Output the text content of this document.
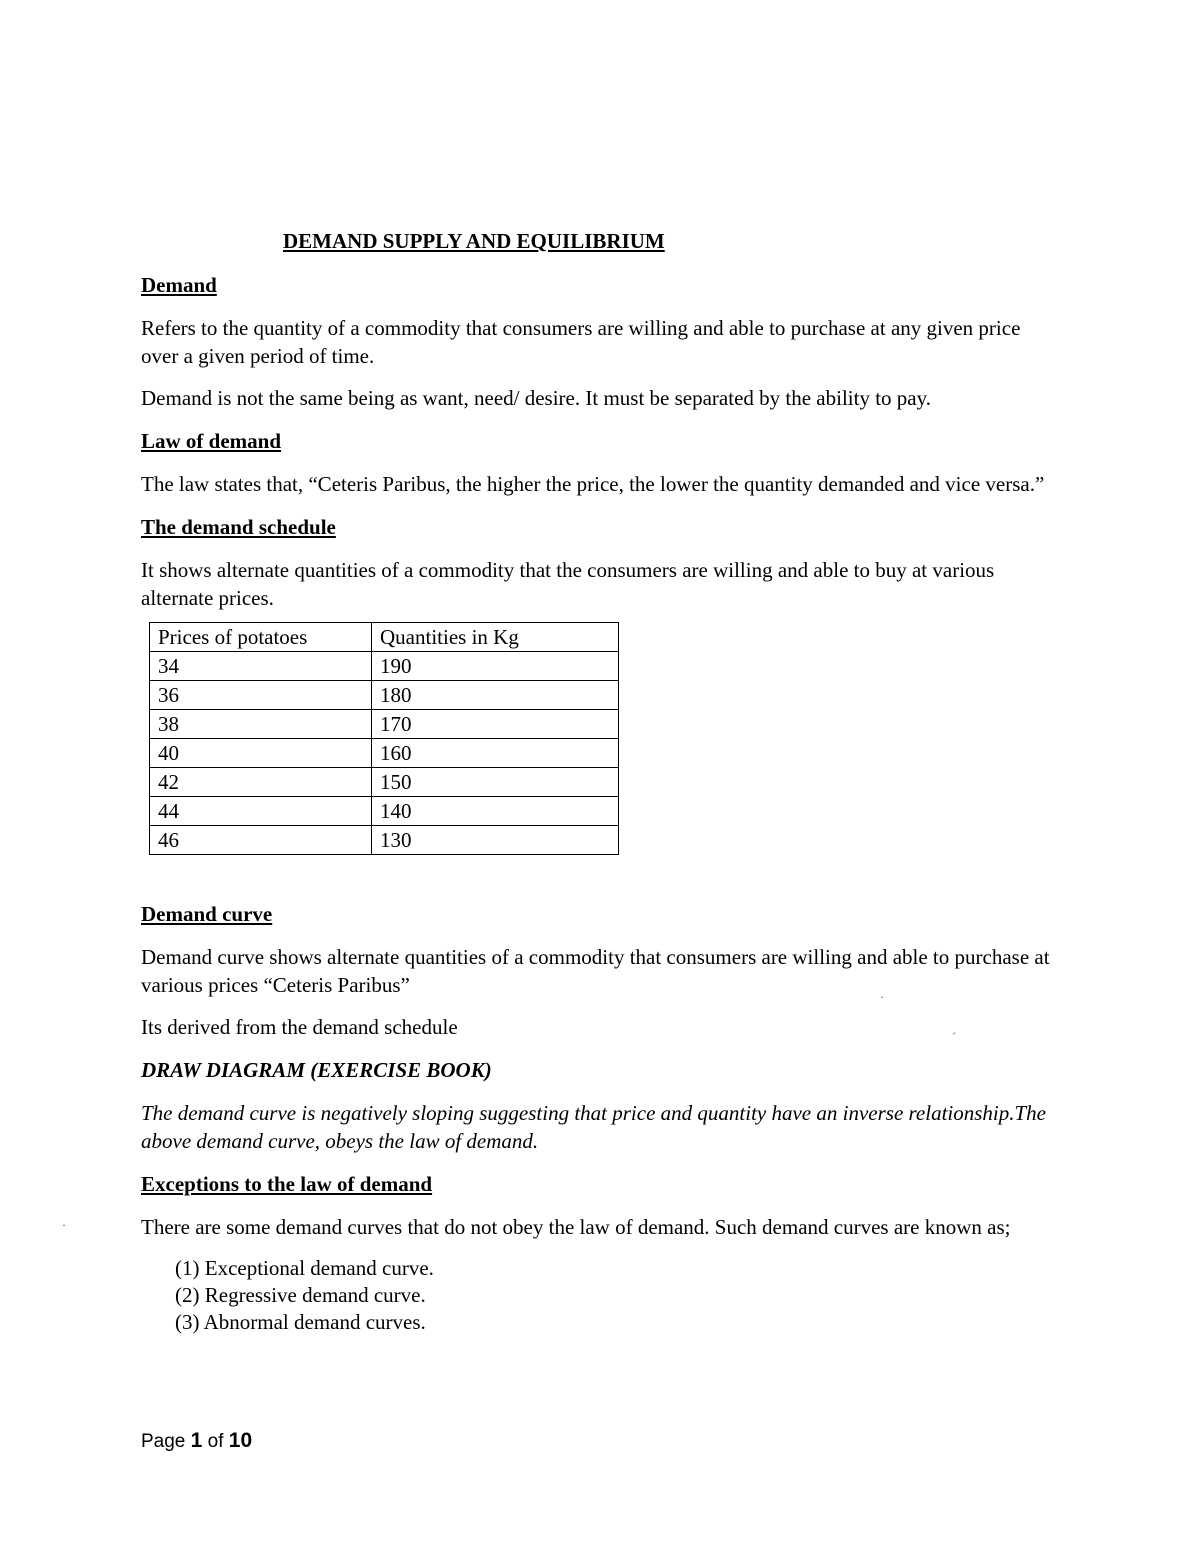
DEMAND SUPPLY AND EQUILIBRIUM
Demand

Refers to the quantity of a commodity that consumers are willing and able to purchase at any given price over a given period of time.

Demand is not the same being as want, need/ desire. It must be separated by the ability to pay.

Law of demand

The law states that, “Ceteris Paribus, the higher the price, the lower the quantity demanded and vice versa.”

The demand schedule

It shows alternate quantities of a commodity that the consumers are willing and able to buy at various alternate prices.

Prices of potatoes	Quantities in Kg
34	190
36	180
38	170
40	160
42	150
44	140
46	130
Demand curve

Demand curve shows alternate quantities of a commodity that consumers are willing and able to purchase at various prices “Ceteris Paribus”

Its derived from the demand schedule

DRAW DIAGRAM (EXERCISE BOOK)

The demand curve is negatively sloping suggesting that price and quantity have an inverse relationship.The above demand curve, obeys the law of demand.

Exceptions to the law of demand

There are some demand curves that do not obey the law of demand. Such demand curves are known as;

(1) Exceptional demand curve.
(2) Regressive demand curve.
(3) Abnormal demand curves.
·
´
·
Page 1 of 10
